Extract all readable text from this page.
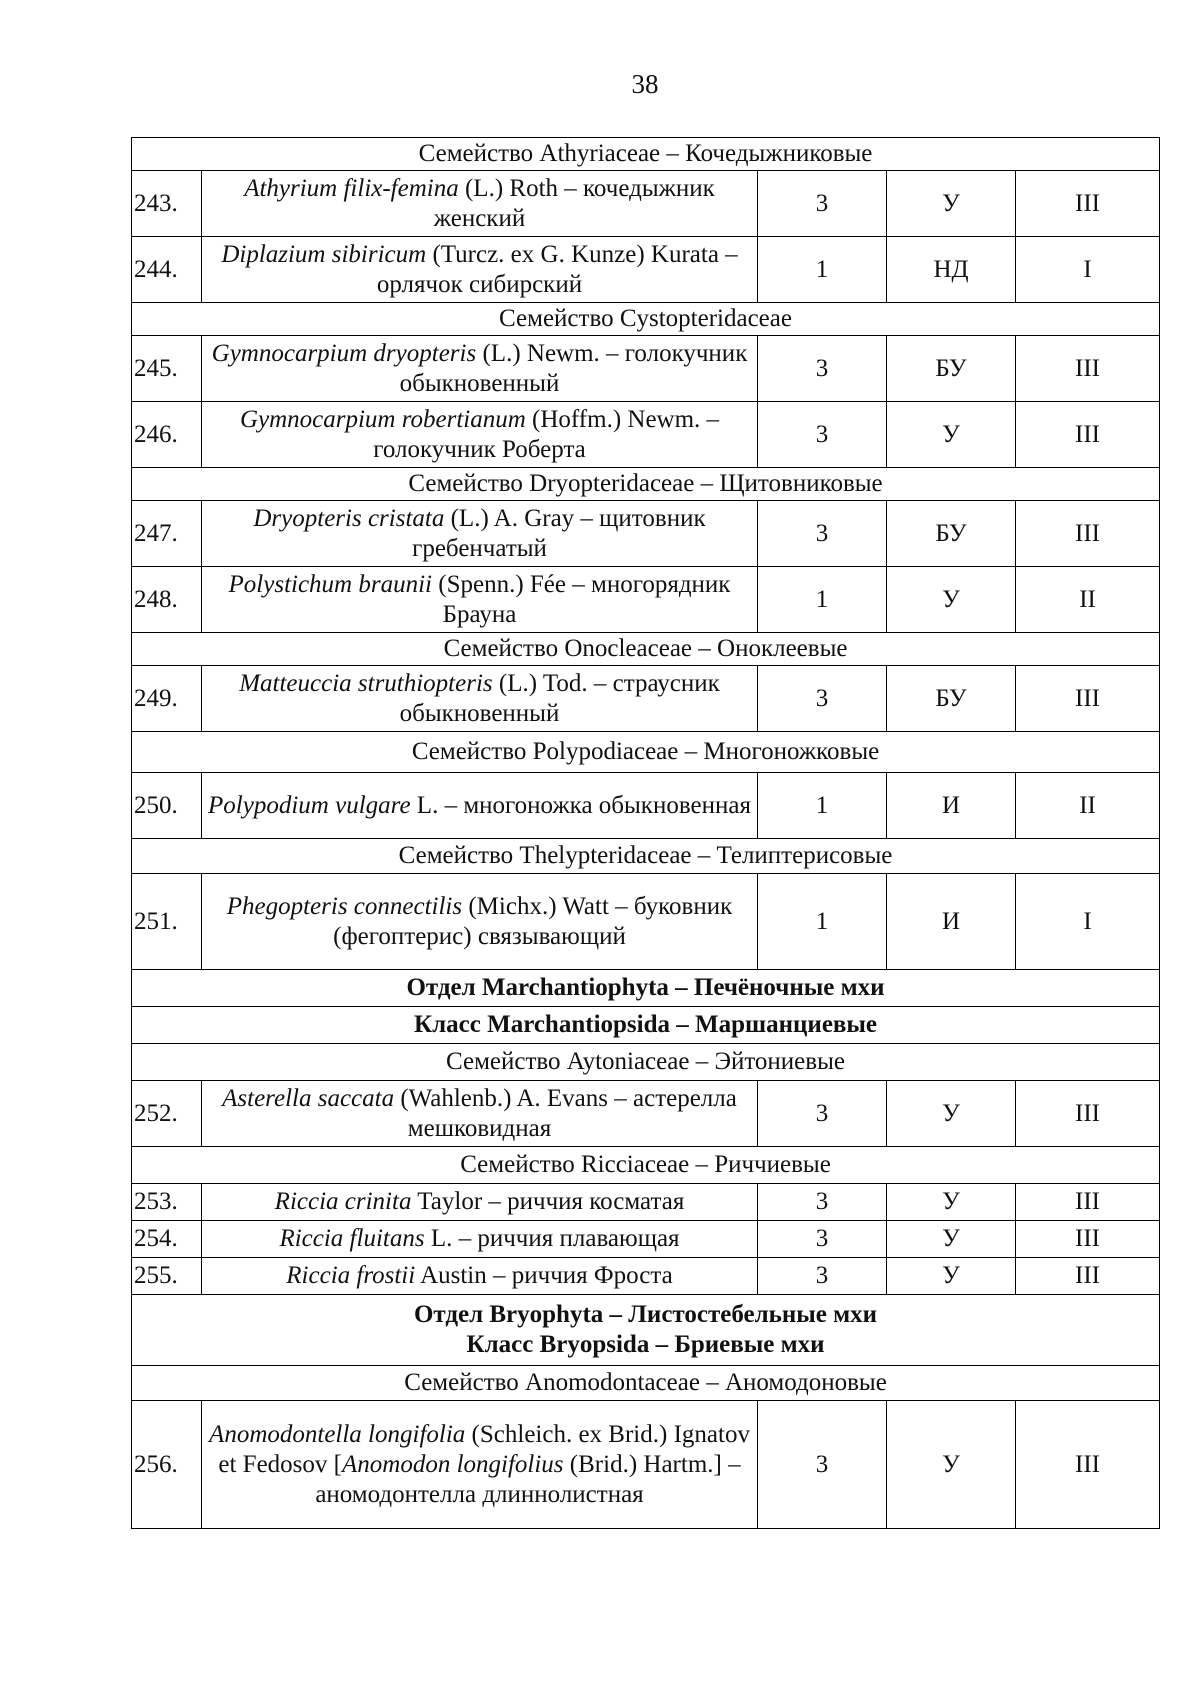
38
Семейство Athyriaceae – Кочедыжниковые				
243.	Athyrium filix-femina (L.) Roth – кочедыжник женский	3	У	III
244.	Diplazium sibiricum (Turcz. ex G. Kunze) Kurata – орлячок сибирский	1	НД	I
Семейство Cystopteridaceae				
245.	Gymnocarpium dryopteris (L.) Newm. – голокучник обыкновенный	3	БУ	III
246.	Gymnocarpium robertianum (Hoffm.) Newm. – голокучник Роберта	3	У	III
Семейство Dryopteridaceae – Щитовниковые				
247.	Dryopteris cristata (L.) A. Gray – щитовник гребенчатый	3	БУ	III
248.	Polystichum braunii (Spenn.) Fée – многорядник Брауна	1	У	II
Семейство Onocleaceae – Оноклеевые				
249.	Matteuccia struthiopteris (L.) Tod. – страусник обыкновенный	3	БУ	III
Семейство Polypodiaceae – Многоножковые				
250.	Polypodium vulgare L. – многоножка обыкновенная	1	И	II
Семейство Thelypteridaceae – Телиптерисовые				
251.	Phegopteris connectilis (Michx.) Watt – буковник (фегоптерис) связывающий	1	И	I

Отдел Marchantiophyta – Печёночные мхи				

Класс Marchantiopsida – Маршанциевые				

Семейство Aytoniaceae – Эйтониевые				
252.	Asterella saccata (Wahlenb.) A. Evans – астерелла мешковидная	3	У	III
Семейство Ricciaceae – Риччиевые				
253.	Riccia crinita Taylor – риччия косматая	3	У	III
254.	Riccia fluitans L. – риччия плавающая	3	У	III
255.	Riccia frostii Austin – риччия Фроста	3	У	III

Отдел Bryophyta – Листостебельные мхи
Класс Bryopsida – Бриевые мхи				

Семейство Anomodontaceae – Аномодоновые				
256.	Anomodontella longifolia (Schleich. ex Brid.) Ignatov et Fedosov [Anomodon longifolius (Brid.) Hartm.] – аномодонтелла длиннолистная	3	У	III
